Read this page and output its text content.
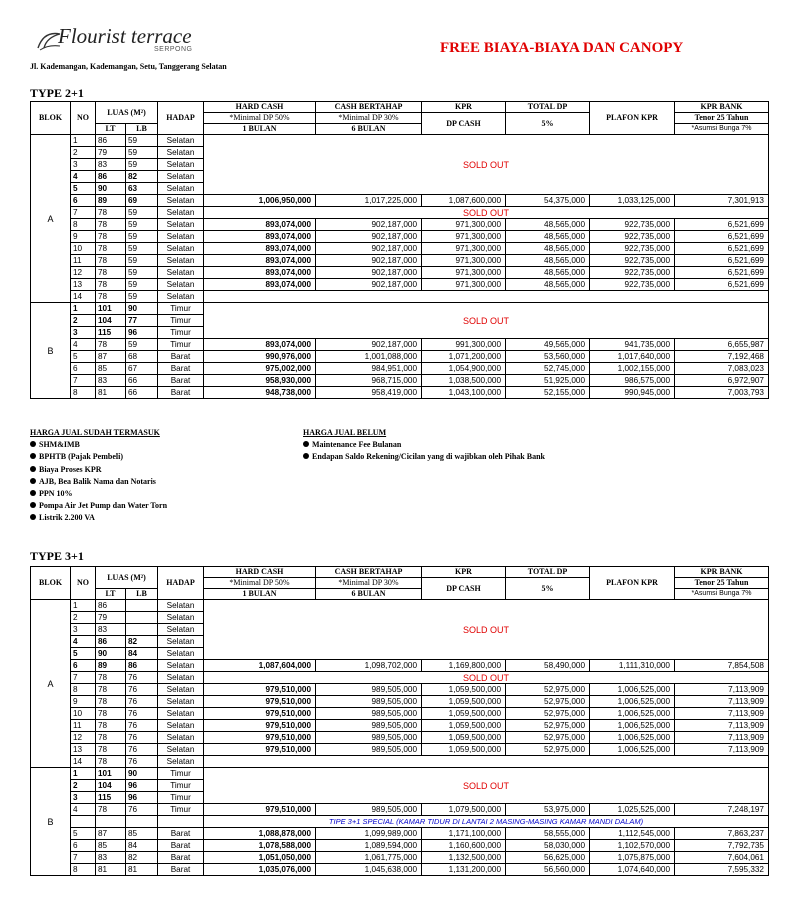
Flourist terrace
SERPONG	FREE BIAYA-BIAYA DAN CANOPY
Jl. Kademangan, Kademangan, Setu, Tanggerang Selatan
TYPE 2+1
BLOK	NO	LUAS (M²)		HADAP	HARD CASH	CASH BERTAHAP	KPR	TOTAL DP	PLAFON KPR	KPR BANK
					*Minimal DP 50%	*Minimal DP 30%	DP CASH	5%		Tenor 25 Tahun
		LT	LB		1 BULAN	6 BULAN				*Asumsi Bunga 7%
A	1	86	59	Selatan	SOLD OUT					
	2	79	59	Selatan						
	3	83	59	Selatan						
	4	86	82	Selatan						
	5	90	63	Selatan						
	6	89	69	Selatan	1,006,950,000	1,017,225,000	1,087,600,000	54,375,000	1,033,125,000	7,301,913
	7	78	59	Selatan	SOLD OUT					
	8	78	59	Selatan	893,074,000	902,187,000	971,300,000	48,565,000	922,735,000	6,521,699
	9	78	59	Selatan	893,074,000	902,187,000	971,300,000	48,565,000	922,735,000	6,521,699
	10	78	59	Selatan	893,074,000	902,187,000	971,300,000	48,565,000	922,735,000	6,521,699
	11	78	59	Selatan	893,074,000	902,187,000	971,300,000	48,565,000	922,735,000	6,521,699
	12	78	59	Selatan	893,074,000	902,187,000	971,300,000	48,565,000	922,735,000	6,521,699
	13	78	59	Selatan	893,074,000	902,187,000	971,300,000	48,565,000	922,735,000	6,521,699
	14	78	59	Selatan						
B	1	101	90	Timur	SOLD OUT					
	2	104	77	Timur						
	3	115	96	Timur						
	4	78	59	Timur	893,074,000	902,187,000	991,300,000	49,565,000	941,735,000	6,655,987
	5	87	68	Barat	990,976,000	1,001,088,000	1,071,200,000	53,560,000	1,017,640,000	7,192,468
	6	85	67	Barat	975,002,000	984,951,000	1,054,900,000	52,745,000	1,002,155,000	7,083,023
	7	83	66	Barat	958,930,000	968,715,000	1,038,500,000	51,925,000	986,575,000	6,972,907
	8	81	66	Barat	948,738,000	958,419,000	1,043,100,000	52,155,000	990,945,000	7,003,793
HARGA JUAL SUDAH TERMASUK
SHM&IMB
BPHTB (Pajak Pembeli)
Biaya Proses KPR
AJB, Bea Balik Nama dan Notaris
PPN 10%
Pompa Air Jet Pump dan Water Torn
Listrik 2.200 VA
HARGA JUAL BELUM
Maintenance Fee Bulanan
Endapan Saldo Rekening/Cicilan yang di wajibkan oleh Pihak Bank
TYPE 3+1
BLOK	NO	LUAS (M²)		HADAP	HARD CASH	CASH BERTAHAP	KPR	TOTAL DP	PLAFON KPR	KPR BANK
					*Minimal DP 50%	*Minimal DP 30%	DP CASH	5%		Tenor 25 Tahun
		LT	LB		1 BULAN	6 BULAN				*Asumsi Bunga 7%
A	1	86		Selatan	SOLD OUT					
	2	79		Selatan						
	3	83		Selatan						
	4	86	82	Selatan						
	5	90	84	Selatan						
	6	89	86	Selatan	1,087,604,000	1,098,702,000	1,169,800,000	58,490,000	1,111,310,000	7,854,508
	7	78	76	Selatan	SOLD OUT					
	8	78	76	Selatan	979,510,000	989,505,000	1,059,500,000	52,975,000	1,006,525,000	7,113,909
	9	78	76	Selatan	979,510,000	989,505,000	1,059,500,000	52,975,000	1,006,525,000	7,113,909
	10	78	76	Selatan	979,510,000	989,505,000	1,059,500,000	52,975,000	1,006,525,000	7,113,909
	11	78	76	Selatan	979,510,000	989,505,000	1,059,500,000	52,975,000	1,006,525,000	7,113,909
	12	78	76	Selatan	979,510,000	989,505,000	1,059,500,000	52,975,000	1,006,525,000	7,113,909
	13	78	76	Selatan	979,510,000	989,505,000	1,059,500,000	52,975,000	1,006,525,000	7,113,909
	14	78	76	Selatan						
B	1	101	90	Timur	SOLD OUT					
	2	104	96	Timur						
	3	115	96	Timur						
	4	78	76	Timur	979,510,000	989,505,000	1,079,500,000	53,975,000	1,025,525,000	7,248,197
					TIPE 3+1 SPECIAL (KAMAR TIDUR DI LANTAI 2 MASING-MASING KAMAR MANDI DALAM)					
	5	87	85	Barat	1,088,878,000	1,099,989,000	1,171,100,000	58,555,000	1,112,545,000	7,863,237
	6	85	84	Barat	1,078,588,000	1,089,594,000	1,160,600,000	58,030,000	1,102,570,000	7,792,735
	7	83	82	Barat	1,051,050,000	1,061,775,000	1,132,500,000	56,625,000	1,075,875,000	7,604,061
	8	81	81	Barat	1,035,076,000	1,045,638,000	1,131,200,000	56,560,000	1,074,640,000	7,595,332
